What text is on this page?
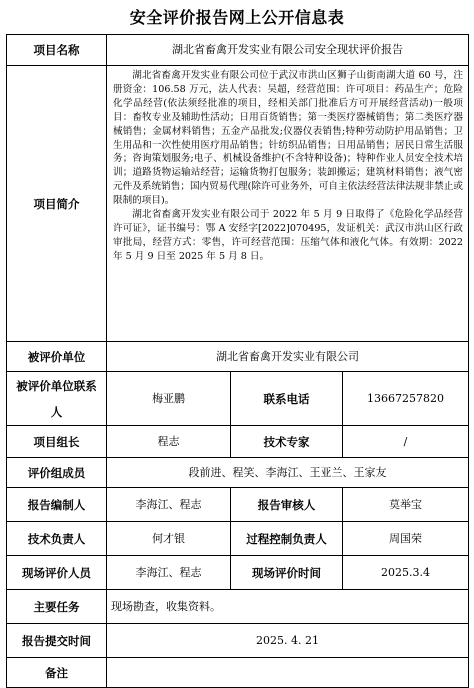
安全评价报告网上公开信息表
项目名称	湖北省畜禽开发实业有限公司安全现状评价报告		
项目简介	湖北省畜禽开发实业有限公司位于武汉市洪山区狮子山街南湖大道 60 号，注册资金：106.58 万元，法人代表：吴超，经营范围：许可项目：药品生产；危险化学品经营(依法须经批准的项目，经相关部门批准后方可开展经营活动)一般项目：畜牧专业及辅助性活动；日用百货销售；第一类医疗器械销售；第二类医疗器械销售；金属材料销售；五金产品批发;仪器仪表销售;特种劳动防护用品销售；卫生用品和一次性使用医疗用品销售；针纺织品销售；日用品销售；居民日常生活服务；咨询策划服务;电子、机械设备维护(不含特种设备)；特种作业人员安全技术培训；道路货物运输站经营；运输货物打包服务；装卸搬运；建筑材料销售；液气密元件及系统销售；国内贸易代理(除许可业务外，可自主依法经营法律法规非禁止或限制的项目)。

湖北省畜禽开发实业有限公司于 2022 年 5 月 9 日取得了《危险化学品经营许可证》，证书编号：鄂 A 安经字[2022]070495，发证机关：武汉市洪山区行政审批局，经营方式：零售，许可经营范围：压缩气体和液化气体。有效期：2022 年 5 月 9 日至 2025 年 5 月 8 日。		

被评价单位	湖北省畜禽开发实业有限公司		
被评价单位联系人	梅亚鹏	联系电话	13667257820
项目组长	程志	技术专家	/
评价组成员	段前进、程笑、李海江、王亚兰、王家友		
报告编制人	李海江、程志	报告审核人	莫举宝
技术负责人	何才银	过程控制负责人	周国荣
现场评价人员	李海江、程志	现场评价时间	2025.3.4
主要任务	现场勘查，收集资料。		
报告提交时间	2025. 4. 21		
备注			
